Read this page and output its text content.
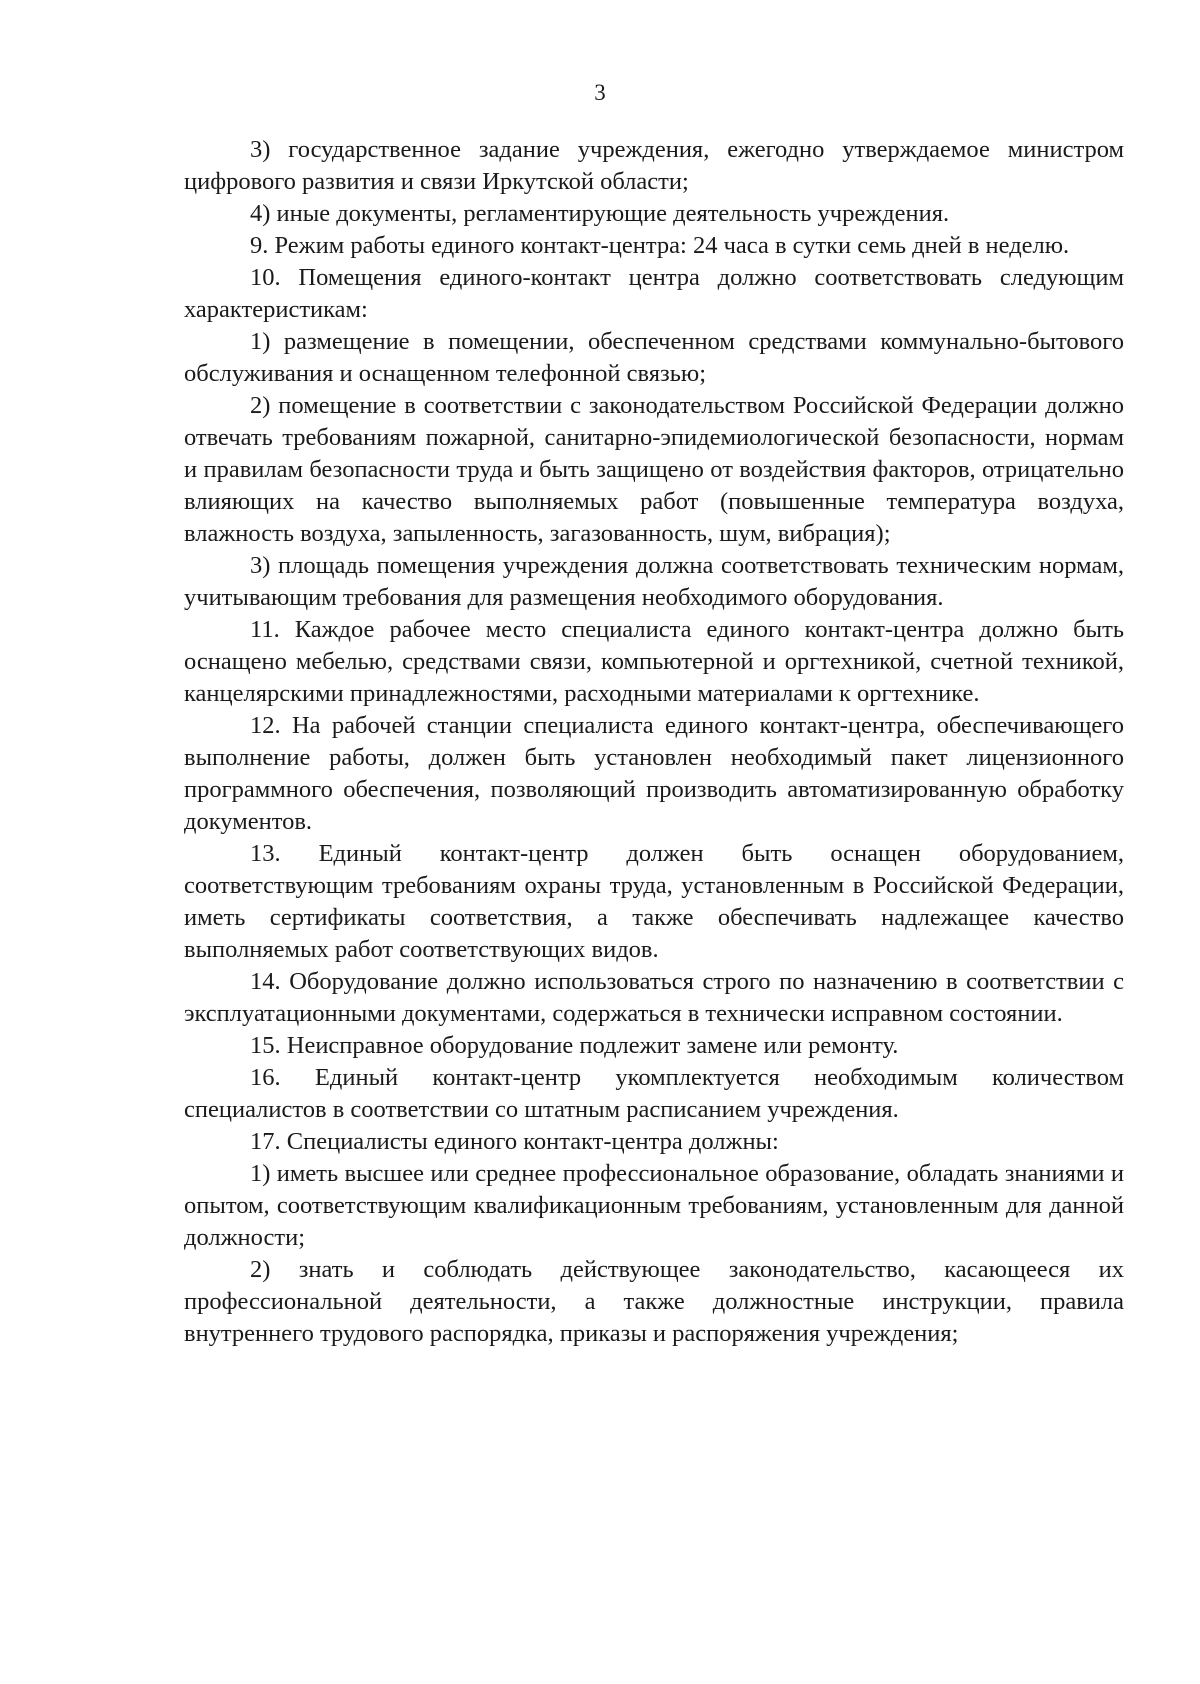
3

3) государственное задание учреждения, ежегодно утверждаемое министром цифрового развития и связи Иркутской области;

4) иные документы, регламентирующие деятельность учреждения.

9. Режим работы единого контакт-центра: 24 часа в сутки семь дней в неделю.

10. Помещения единого-контакт центра должно соответствовать следующим характеристикам:

1) размещение в помещении, обеспеченном средствами коммунально-бытового обслуживания и оснащенном телефонной связью;

2) помещение в соответствии с законодательством Российской Федерации должно отвечать требованиям пожарной, санитарно-эпидемиологической безопасности, нормам и правилам безопасности труда и быть защищено от воздействия факторов, отрицательно влияющих на качество выполняемых работ (повышенные температура воздуха, влажность воздуха, запыленность, загазованность, шум, вибрация);

3) площадь помещения учреждения должна соответствовать техническим нормам, учитывающим требования для размещения необходимого оборудования.

11. Каждое рабочее место специалиста единого контакт-центра должно быть оснащено мебелью, средствами связи, компьютерной и оргтехникой, счетной техникой, канцелярскими принадлежностями, расходными материалами к оргтехнике.

12. На рабочей станции специалиста единого контакт-центра, обеспечивающего выполнение работы, должен быть установлен необходимый пакет лицензионного программного обеспечения, позволяющий производить автоматизированную обработку документов.

13. Единый контакт-центр должен быть оснащен оборудованием, соответствующим требованиям охраны труда, установленным в Российской Федерации, иметь сертификаты соответствия, а также обеспечивать надлежащее качество выполняемых работ соответствующих видов.

14. Оборудование должно использоваться строго по назначению в соответствии с эксплуатационными документами, содержаться в технически исправном состоянии.

15. Неисправное оборудование подлежит замене или ремонту.

16. Единый контакт-центр укомплектуется необходимым количеством специалистов в соответствии со штатным расписанием учреждения.

17. Специалисты единого контакт-центра должны:

1) иметь высшее или среднее профессиональное образование, обладать знаниями и опытом, соответствующим квалификационным требованиям, установленным для данной должности;

2) знать и соблюдать действующее законодательство, касающееся их профессиональной деятельности, а также должностные инструкции, правила внутреннего трудового распорядка, приказы и распоряжения учреждения;
